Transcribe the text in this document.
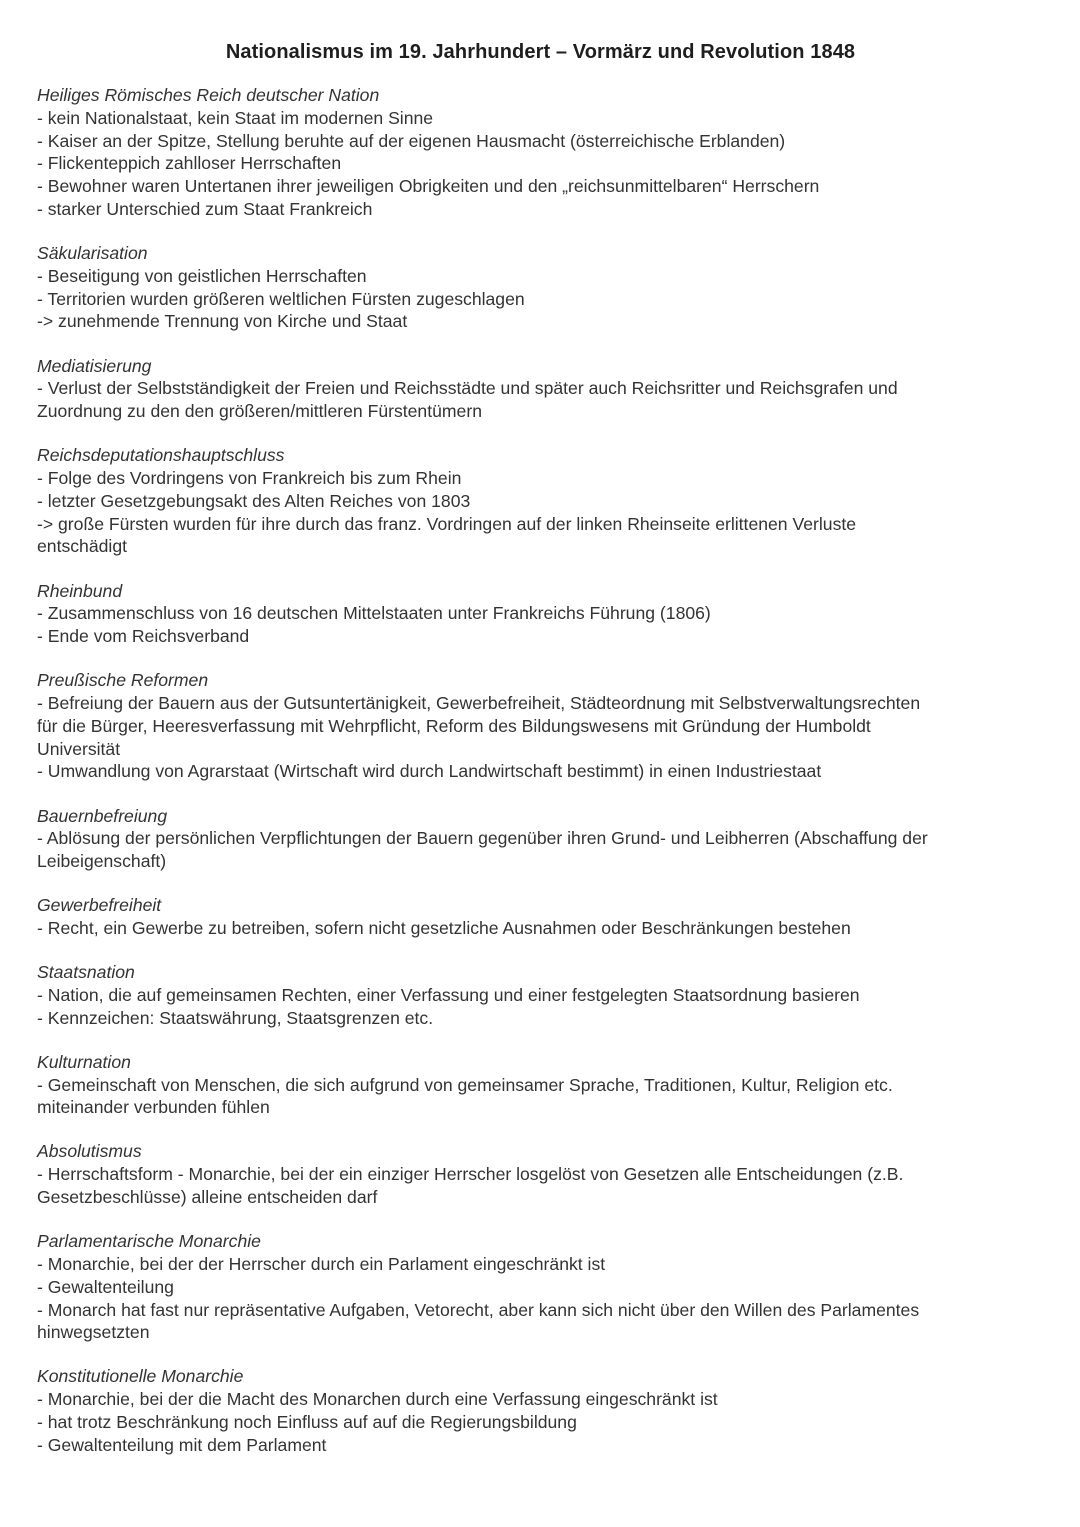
Nationalismus im 19. Jahrhundert – Vormärz und Revolution 1848
Heiliges Römisches Reich deutscher Nation
- kein Nationalstaat, kein Staat im modernen Sinne
- Kaiser an der Spitze, Stellung beruhte auf der eigenen Hausmacht (österreichische Erblanden)
- Flickenteppich zahlloser Herrschaften
- Bewohner waren Untertanen ihrer jeweiligen Obrigkeiten und den „reichsunmittelbaren“ Herrschern
- starker Unterschied zum Staat Frankreich
Säkularisation
- Beseitigung von geistlichen Herrschaften
- Territorien wurden größeren weltlichen Fürsten zugeschlagen
-> zunehmende Trennung von Kirche und Staat
Mediatisierung
- Verlust der Selbstständigkeit der Freien und Reichsstädte und später auch Reichsritter und Reichsgrafen und
Zuordnung zu den den größeren/mittleren Fürstentümern
Reichsdeputationshauptschluss
- Folge des Vordringens von Frankreich bis zum Rhein
- letzter Gesetzgebungsakt des Alten Reiches von 1803
-> große Fürsten wurden für ihre durch das franz. Vordringen auf der linken Rheinseite erlittenen Verluste
entschädigt
Rheinbund
- Zusammenschluss von 16 deutschen Mittelstaaten unter Frankreichs Führung (1806)
- Ende vom Reichsverband
Preußische Reformen
- Befreiung der Bauern aus der Gutsuntertänigkeit, Gewerbefreiheit, Städteordnung mit Selbstverwaltungsrechten
für die Bürger, Heeresverfassung mit Wehrpflicht, Reform des Bildungswesens mit Gründung der Humboldt
Universität
- Umwandlung von Agrarstaat (Wirtschaft wird durch Landwirtschaft bestimmt) in einen Industriestaat
Bauernbefreiung
- Ablösung der persönlichen Verpflichtungen der Bauern gegenüber ihren Grund- und Leibherren (Abschaffung der
Leibeigenschaft)
Gewerbefreiheit
- Recht, ein Gewerbe zu betreiben, sofern nicht gesetzliche Ausnahmen oder Beschränkungen bestehen
Staatsnation
- Nation, die auf gemeinsamen Rechten, einer Verfassung und einer festgelegten Staatsordnung basieren
- Kennzeichen: Staatswährung, Staatsgrenzen etc.
Kulturnation
- Gemeinschaft von Menschen, die sich aufgrund von gemeinsamer Sprache, Traditionen, Kultur, Religion etc.
miteinander verbunden fühlen
Absolutismus
- Herrschaftsform - Monarchie, bei der ein einziger Herrscher losgelöst von Gesetzen alle Entscheidungen (z.B.
Gesetzbeschlüsse) alleine entscheiden darf
Parlamentarische Monarchie
- Monarchie, bei der der Herrscher durch ein Parlament eingeschränkt ist
- Gewaltenteilung
- Monarch hat fast nur repräsentative Aufgaben, Vetorecht, aber kann sich nicht über den Willen des Parlamentes
hinwegsetzten
Konstitutionelle Monarchie
- Monarchie, bei der die Macht des Monarchen durch eine Verfassung eingeschränkt ist
- hat trotz Beschränkung noch Einfluss auf auf die Regierungsbildung
- Gewaltenteilung mit dem Parlament
